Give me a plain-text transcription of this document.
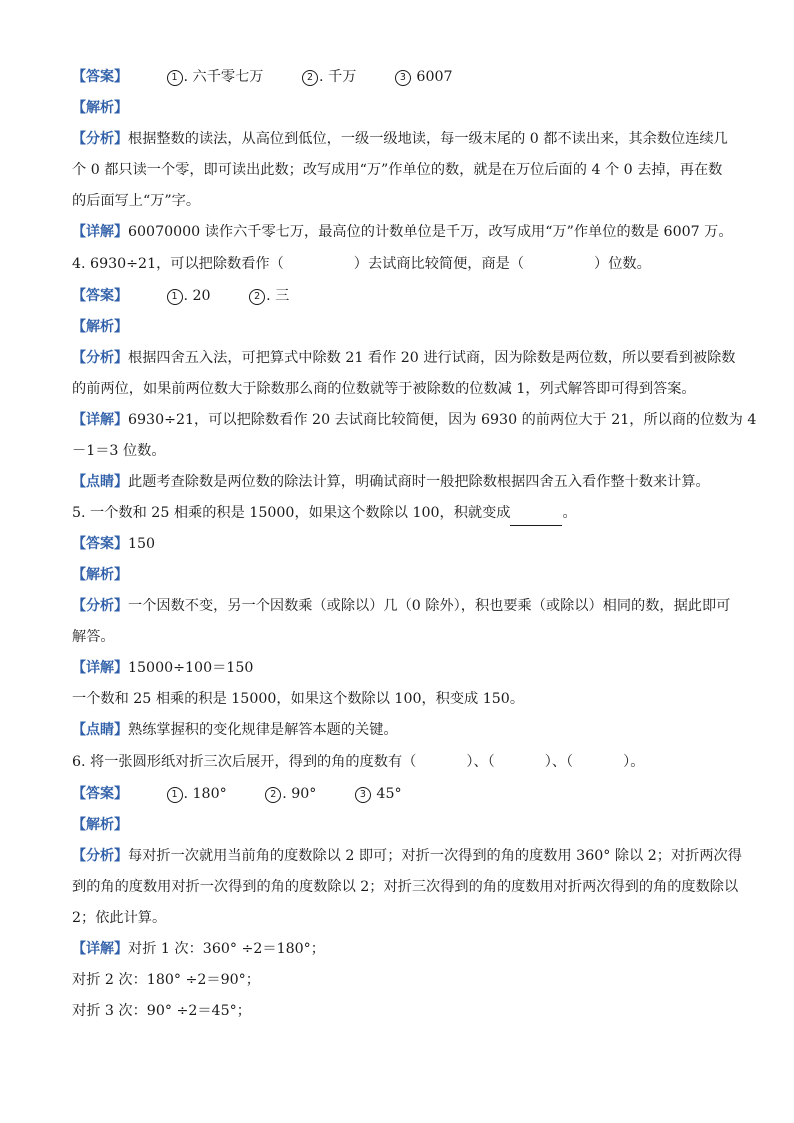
【答案】	1 . 六千零七万	2 . 千万	3 6007
【解析】
【分析】根据整数的读法，从高位到低位，一级一级地读，每一级末尾的 0 都不读出来，其余数位连续几
个 0 都只读一个零，即可读出此数；改写成用“万”作单位的数，就是在万位后面的 4 个 0 去掉，再在数
的后面写上“万”字。
【详解】60070000 读作六千零七万，最高位的计数单位是千万，改写成用“万”作单位的数是 6007 万。
4. 6930÷21，可以把除数看作（	）去试商比较简便，商是（	）位数。
【答案】	1 . 20	2 . 三
【解析】
【分析】根据四舍五入法，可把算式中除数 21 看作 20 进行试商，因为除数是两位数，所以要看到被除数
的前两位，如果前两位数大于除数那么商的位数就等于被除数的位数减 1，列式解答即可得到答案。
【详解】6930÷21，可以把除数看作 20 去试商比较简便，因为 6930 的前两位大于 21，所以商的位数为 4
－1＝3 位数。
【点睛】此题考查除数是两位数的除法计算，明确试商时一般把除数根据四舍五入看作整十数来计算。
5. 一个数和 25 相乘的积是 15000，如果这个数除以 100，积就变成	。
【答案】150
【解析】
【分析】一个因数不变，另一个因数乘（或除以）几（0 除外），积也要乘（或除以）相同的数，据此即可
解答。
【详解】15000÷100＝150
一个数和 25 相乘的积是 15000，如果这个数除以 100，积变成 150。
【点睛】熟练掌握积的变化规律是解答本题的关键。
6. 将一张圆形纸对折三次后展开，得到的角的度数有（	）、（	）、（	）。
【答案】	1 . 180°	2 . 90°	3 45°
【解析】
【分析】每对折一次就用当前角的度数除以 2 即可；对折一次得到的角的度数用 360° 除以 2；对折两次得
到的角的度数用对折一次得到的角的度数除以 2；对折三次得到的角的度数用对折两次得到的角的度数除以
2；依此计算。
【详解】对折 1 次：360° ÷2＝180°；
对折 2 次：180° ÷2＝90°；
对折 3 次：90° ÷2＝45°；
